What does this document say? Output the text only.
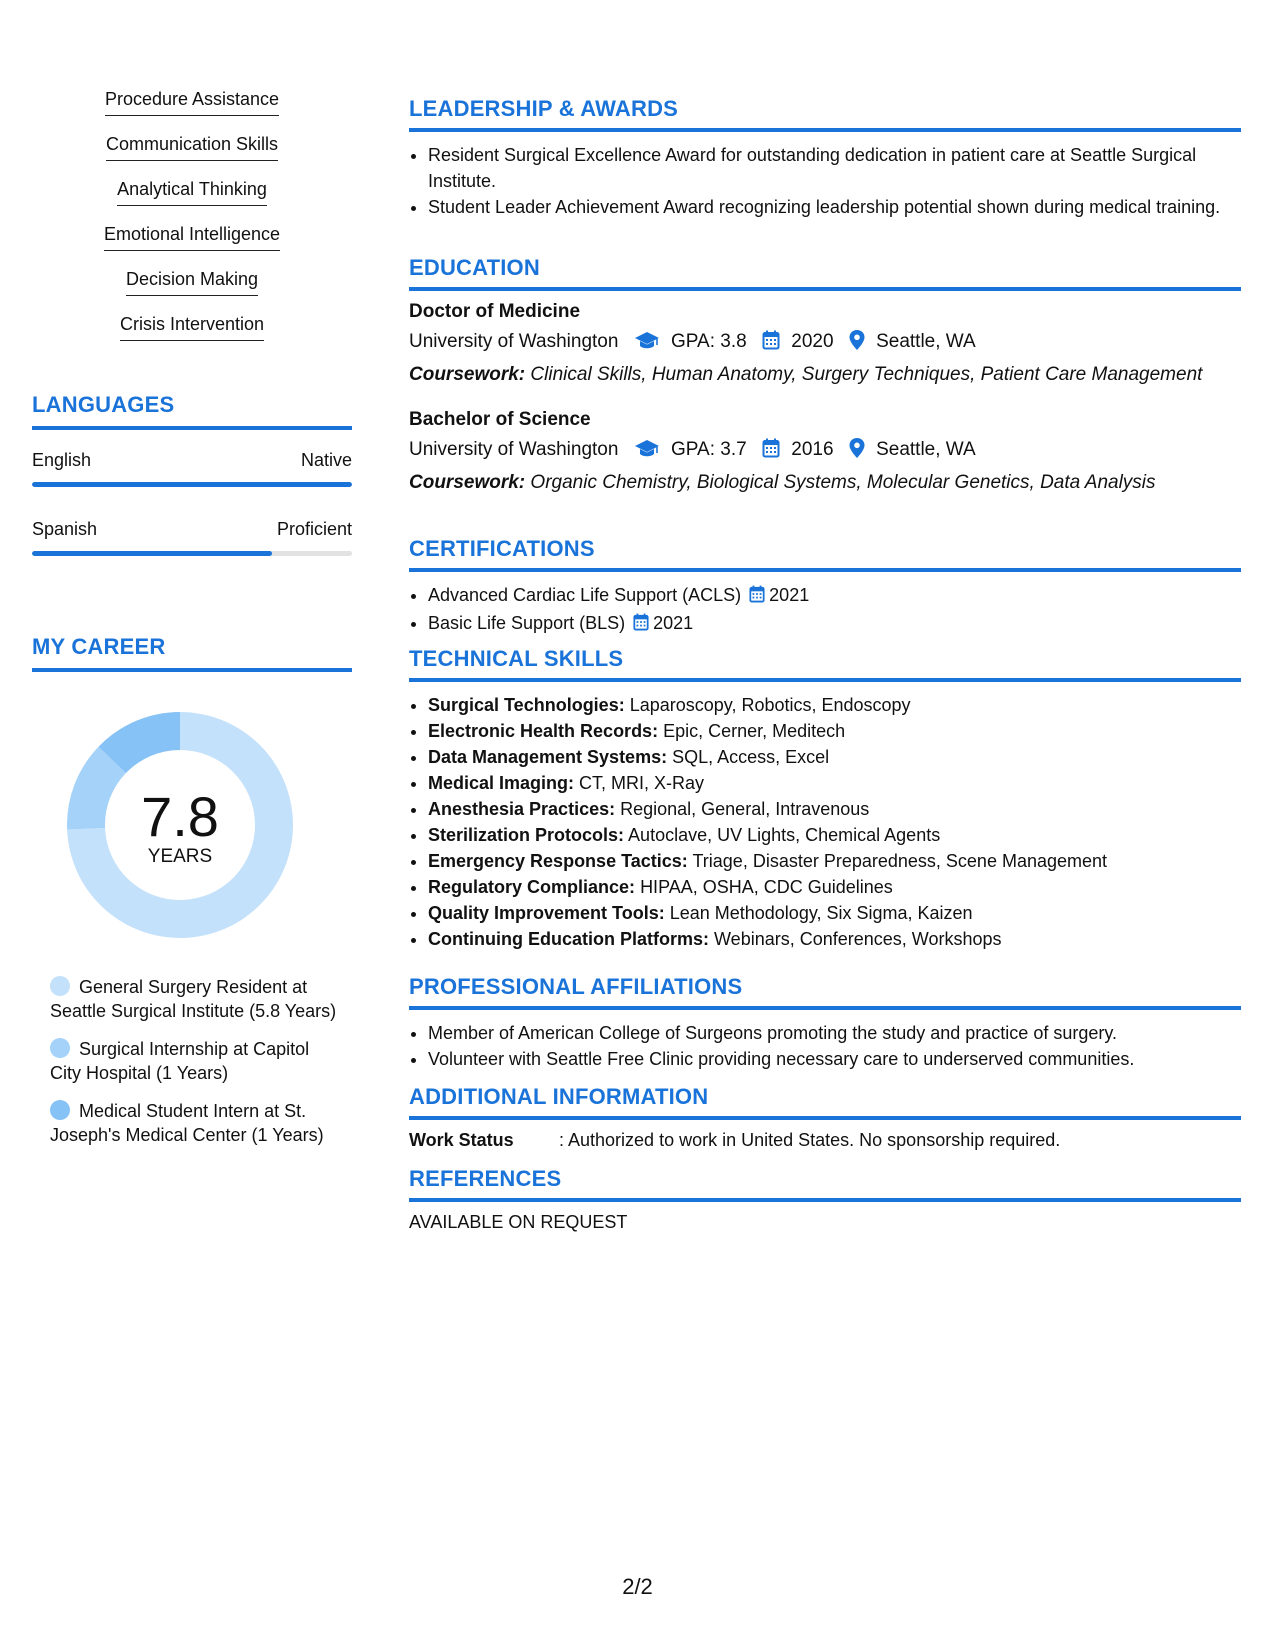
Procedure Assistance
Communication Skills
Analytical Thinking
Emotional Intelligence
Decision Making
Crisis Intervention
LANGUAGES
English	Native
Spanish	Proficient
MY CAREER
7.8
YEARS
General Surgery Resident at Seattle Surgical Institute (5.8 Years)
Surgical Internship at Capitol City Hospital (1 Years)
Medical Student Intern at St. Joseph's Medical Center (1 Years)
LEADERSHIP & AWARDS
• Resident Surgical Excellence Award for outstanding dedication in patient care at Seattle Surgical Institute.
• Student Leader Achievement Award recognizing leadership potential shown during medical training.
EDUCATION
Doctor of Medicine
University of Washington	GPA: 3.8 2020 Seattle, WA
Coursework: Clinical Skills, Human Anatomy, Surgery Techniques, Patient Care Management
Bachelor of Science
University of Washington	GPA: 3.7 2016 Seattle, WA
Coursework: Organic Chemistry, Biological Systems, Molecular Genetics, Data Analysis
CERTIFICATIONS
• Advanced Cardiac Life Support (ACLS) 2021
• Basic Life Support (BLS) 2021
TECHNICAL SKILLS
• Surgical Technologies: Laparoscopy, Robotics, Endoscopy
• Electronic Health Records: Epic, Cerner, Meditech
• Data Management Systems: SQL, Access, Excel
• Medical Imaging: CT, MRI, X-Ray
• Anesthesia Practices: Regional, General, Intravenous
• Sterilization Protocols: Autoclave, UV Lights, Chemical Agents
• Emergency Response Tactics: Triage, Disaster Preparedness, Scene Management
• Regulatory Compliance: HIPAA, OSHA, CDC Guidelines
• Quality Improvement Tools: Lean Methodology, Six Sigma, Kaizen
• Continuing Education Platforms: Webinars, Conferences, Workshops
PROFESSIONAL AFFILIATIONS
• Member of American College of Surgeons promoting the study and practice of surgery.
• Volunteer with Seattle Free Clinic providing necessary care to underserved communities.
ADDITIONAL INFORMATION
Work Status	: Authorized to work in United States. No sponsorship required.
REFERENCES
AVAILABLE ON REQUEST
2/2
